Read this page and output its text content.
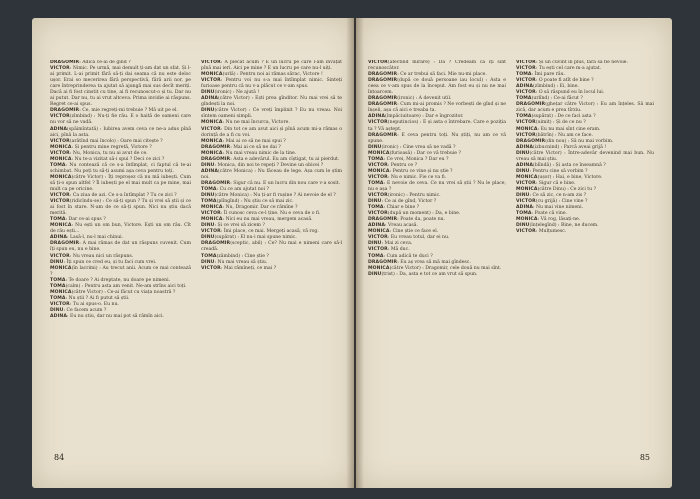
DRAGOMIR: Adică ce-ai de gînd ?

VICTOR: Nimic. Pe urmă, mai demult ți-am dat un sfat. Și l-ai primit. L-ai primit fără să-ți dai seama că nu este deloc ușor. Erai so mecerirea fără perspectivă, fără arii nor, pe care întreprinderea ta ajutat să ajungă mai sus decît meriți. Dacă ai fi fost cinstit cu tine, ai fi recunoscut-o și tu. Dar nu ai putut. Dar nu, tu ai vrut altceva. Prima invidie ai răspuns. Regret ce-ai spus.

DRAGOMIR: Ce, mie regreți-mi trebuie ? Mă uit pe el.

VICTOR(zîmbind) : Nu-ți fie rău. E o haită de oameni care nu vor să ne vadă.

ADINA(spăimîntată) : Iubirea avem ceva ce ne-a adus pînă aici, pînă la asta.

VICTOR(arătînd mai încolo) : Oare mai citește ?

MONICA: Și pentru mine regretă, Victore ?

VICTOR: Nu, Monica, tu nu ai avut de ce.

MONICA: Nu te-a vizitat să-i spui ? Deci ce zici ?

TOMA: Nu contează că ce s-a întîmplat, ci faptul că te-ai schimbat. Nu poți tu să-ți asumi așa ceva pentru toți.

MONICA(către Victor) : Îți reproșez că nu mă iubești. Cum să ți-o spun altfel ? Îl iubești pe el mai mult ca pe mine, mai mult ca pe oricine.

VICTOR: Ca ziua de azi. Ce s-a întîmplat ? Tu ce zici ?

VICTOR(ridicîndu-se) : Ce să-ți spun ? Tu și vrei să știi și ce ai fost în stare. N-am de ce să-ți spun. Nici nu știu dacă merită.

TOMA: Dar ce-ai spus ?

MONICA: Nu ești un om bun, Victore. Ești un om rău. Cît de rău ești...

ADINA: Lasă-l, nu-l mai chinui.

DRAGOMIR: A mai rămas de dat un răspuns cuvenit. Cum îți spun eu, nu e bine.

VICTOR: Nu vreau nici un răspuns.

DINU: Îți spun ce cred eu, și tu faci cum vrei.

MONICA(în lacrimi) : Au trecut anii. Acum ce mai contează ?

TOMA: Te doare ? Ai dreptate, nu doare pe nimeni.

TOMA(calm) : Pentru asta am venit. Ne-am strîns aici toți.

MONICA(către Victor) : Ce-ai făcut cu viața noastră ?

TOMA: Nu știi ? Ai fi putut să știi.

VICTOR: Tu ai spus-o. Eu nu.

DINU: Ce facem acum ?

ADINA: Eu nu știu, dar nu mai pot să rămîn aici.

VICTOR: A plecat acum ? E un lucru pe care l-am învățat pînă mai ieri. Aici pe mine ? E un lucru pe care nu-l uiți.

MONICA(urlă) : Pentru noi ai rămas sărac, Victore !

VICTOR: Pentru voi nu s-a mai întîmplat nimic. Sinteți furioase pentru că nu v-a plăcut ce v-am spus.

DINU(ironic) : Ne ajută !

ADINA(către Victor) : Ești prea gînditor. Nu mai vrei să te gîndești la noi.

DINU(către Victor) : Ce vreți împlinit ? Eu nu vreau. Noi sîntem oameni simpli.

MONICA: Nu ne mai încurca, Victore.

VICTOR: Din tot ce am avut aici și pînă acum mi-a rămas o dorință de a fi cu voi.

MONICA: Mai ai ce să ne mai spui ?

DRAGOMIR: Mai ai ce să ne dai ?

MONICA: Nu mai vreau nimic de la tine.

DRAGOMIR: Asta e adevărul. Eu am cîștigat, tu ai pierdut.

DINU: Monica, din noi te repeți ? Devine un obicei ?

ADINA(către Monica) : Nu făceau de lege. Așa cum le știm noi.

DRAGOMIR: Sigur că nu. E un lucru din nou care v-a sosit.

TOMA: Cu ce am ajutat noi ?

DINU(către Monica) : Nu ți-ar fi rușine ? Ai nevoie de el ?

TOMA(plîngînd) : Nu știu ce să mai zic.

MONICA: Nu, Dragomir. Dar ce rămîne ?

VICTOR: Îl cunosc ceva ce-l ține. Nu e ceva de o fi.

MONICA: Nici eu nu mai vreau, mergem acasă.

DINU: Și ce vrei să zicem ?

VICTOR: Îmi place, ce mai. Mergeți acasă, vă rog.

DINU(supărat) : El nu-i mai spune nimic.

DRAGOMIR(sceptic, abil) : Ce? Nu mai e nimeni care să-l creadă.

TOMA(zâmbind) : Cine știe ?

DINU: Nu mai vreau să știu.

VICTOR: Mai rămîneți, ce mai ?

84

VICTOR(afectînd mirare) : Da ? Credeam că îți sînt recunoscător.

DRAGOMIR: Ce ar trebui să faci. Mie nu-mi place.

DRAGOMIR(după ce două persoane iau locul) : Asta e ceea ce v-am spus de la început. Am fost eu și nu ne mai întoarcem.

DRAGOMIR(ironic) : A devenit util.

DRAGOMIR: Cum mi-ai promis ? Ne vorbești de gînd și ne înșeli, așa că aici e treaba ta.

ADINA(împăciuitoare) : Dar e îngrozitor.

VICTOR(neputincios) : E și asta o întrebare. Care e poziția ta ? Vă aștept.

DRAGOMIR: E ceva pentru toți. Nu știți, nu am ce vă spune.

DINU(ironic) : Cine vrea să ne vadă ?

MONICA(furioasă) : Dar ce vă trebuie ?

TOMA: Ce vrei, Monica ? Dar eu ?

VICTOR: Pentru ce ?

MONICA: Pentru ce vine și nu știe ?

VICTOR: Nu e nimic. Fie ce va fi.

TOMA: E nevoie de ceva. Ce nu vrei să știi ? Nu le place, nu e așa ?

VICTOR(ironic) : Pentru nimic.

DINU: Ce ai de gînd, Victor ?

TOMA: Chiar e bine ?

VICTOR(după un moment) : Da, e bine.

DRAGOMIR: Poate da, poate nu.

ADINA: Vreau acasă.

MONICA: Cine știe ce face el.

VICTOR: Eu vreau totul, dar ei nu.

DINU: Mai zi ceva.

VICTOR: Mă duc.

TOMA: Cum adică te duci ?

DRAGOMIR: Eu aș vrea să mă mai gîndesc.

MONICA(către Victor) : Dragomir, cele două nu mai sînt.

DINU(trist) : Da, asta e tot ce am vrut să spun.

VICTOR: Și un cuvînt în plus, fără să fie nevoie.

VICTOR: Tu ești cel care m-a ajutat.

TOMA: Îmi pare rău.

VICTOR: O poate fi atît de bine ?

ADINA(zîmbind) : Ei, bine.

VICTOR: O să răspund eu în locul lui.

TOMA(urlînd) : Ce-ai făcut ?

DRAGOMIR(ghețar către Victor) : Eu am înțeles. Să mai zică, dar acum e prea tîrziu.

TOMA(supărat) : De ce faci asta ?

VICTOR(uimit) : Și de ce nu ?

MONICA: Eu nu mai sînt cine eram.

VICTOR(bătrîn) : Nu am ce face.

DRAGOMIR(din nou) : Să nu mai vorbim.

ADINA(izbucnind) : Parcă aveai grijă !

DINU(către Victor) : Între-adevăr devenind mai bun. Nu vreau să mai știu.

ADINA(blîndă) : Și asta ce înseamnă ?

DINU: Pentru cine să vorbim ?

MONICA(ușor) : Hai, e bine, Victore.

VICTOR: Sigur că e bine.

MONICA(către Dinu) : Ce zici tu ?

DINU: Ce să zic, ce n-am zis ?

VICTOR(cu grijă) : Cine vine ?

ADINA: Nu mai vine nimeni.

TOMA: Poate că vine.

MONICA: Vă rog, lăsați-ne.

DINU(înțelegînd) : Bine, ne ducem.

VICTOR: Mulțumesc.

85
